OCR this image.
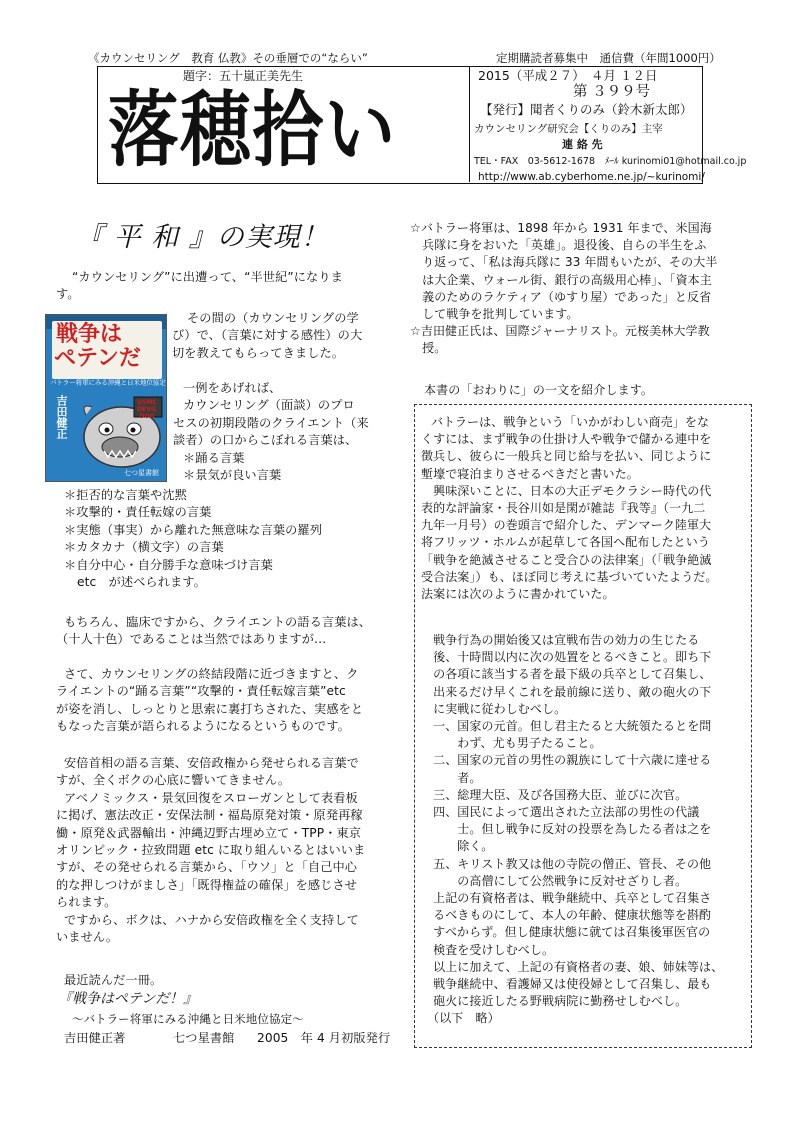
《カウンセリング　教育 仏教》その垂層での“ならい”	定期購読者募集中　通信費（年間1000円）
題字：五十嵐正美先生
落穂拾い
2015（平成２７）　４月 １２日
第 ３９９号
【発行】聞者くりのみ（鈴木新太郎）
カウンセリング研究会【くりのみ】主宰
連 絡 先
TEL・FAX　03-5612-1678　ﾒｰﾙ kurinomi01@hotmail.co.jp
http://www.ab.cyberhome.ne.jp/~kurinomi/
『 平 和 』の実現！

“カウンセリング”に出遭って、“半世紀”になりま

す。

戦争は
ペテンだ
バトラー将軍にみる沖縄と日米地位協定
吉田健正	USMC DEVIL DOG
七つ星書館

その間の（カウンセリングの学

び）で、（言葉に対する感性）の大

切を教えてもらってきました。

一例をあげれば、

カウンセリング（面談）のプロ

セスの初期段階のクライエント（来

談者）の口からこぼれる言葉は、

＊踊る言葉

＊景気が良い言葉

＊拒否的な言葉や沈黙

＊攻撃的・責任転嫁の言葉

＊実態（事実）から離れた無意味な言葉の羅列

＊カタカナ（横文字）の言葉

＊自分中心・自分勝手な意味づけ言葉

etc　が述べられます。

もちろん、臨床ですから、クライエントの語る言葉は、

（十人十色）であることは当然ではありますが…

さて、カウンセリングの終結段階に近づきますと、ク

ライエントの“踊る言葉”“攻撃的・責任転嫁言葉”etc

が姿を消し、しっとりと思索に裏打ちされた、実感をと

もなった言葉が語られるようになるというものです。

安倍首相の語る言葉、安倍政権から発せられる言葉で

すが、全くボクの心底に響いてきません。

アベノミックス・景気回復をスローガンとして表看板

に掲げ、憲法改正・安保法制・福島原発対策・原発再稼

働・原発＆武器輸出・沖縄辺野古埋め立て・TPP・東京

オリンピック・拉致問題 etc に取り組んいるとはいいま

すが、その発せられる言葉から、「ウソ」と「自己中心

的な押しつけがましさ」「既得権益の確保」を感じさせ

られます。

ですから、ボクは、ハナから安倍政権を全く支持して

いません。

最近読んだ一冊。
『戦争はペテンだ！』
～バトラー将軍にみる沖縄と日米地位協定～
吉田健正著	七つ星書館 2005　年 4 月初版発行

☆バトラー将軍は、1898 年から 1931 年まで、米国海

　兵隊に身をおいた「英雄」。退役後、自らの半生をふ

　り返って、「私は海兵隊に 33 年間もいたが、その大半

　は大企業、ウォール街、銀行の高級用心棒」、「資本主

　義のためのラケティア（ゆすり屋）であった」と反省

　して戦争を批判しています。

☆吉田健正氏は、国際ジャーナリスト。元桜美林大学教

　授。

本書の「おわりに」の一文を紹介します。

バトラーは、戦争という「いかがわしい商売」をな

くすには、まず戦争の仕掛け人や戦争で儲かる連中を

徴兵し、彼らに一般兵と同じ給与を払い、同じように

塹壕で寝泊まりさせるべきだと書いた。

　興味深いことに、日本の大正デモクラシー時代の代

表的な評論家・長谷川如是閑が雑誌『我等』（一九二

九年一月号）の巻頭言で紹介した、デンマーク陸軍大

将フリッツ・ホルムが起草して各国へ配布したという

「戦争を絶滅させること受合ひの法律案」（「戦争絶滅

受合法案」）も、ほぼ同じ考えに基づいていたようだ。

法案には次のように書かれていた。

　戦争行為の開始後又は宣戦布告の効力の生じたる

　後、十時間以内に次の処置をとるべきこと。即ち下

　の各項に該当する者を最下級の兵卒として召集し、

　出来るだけ早くこれを最前線に送り、敵の砲火の下

　に実戦に従わしむべし。

　一、国家の元首。但し君主たると大統領たるとを問

　　　わず、尤も男子たること。

　二、国家の元首の男性の親族にして十六歳に達せる

　　　者。

　三、総理大臣、及び各国務大臣、並びに次官。

　四、国民によって選出された立法部の男性の代議

　　　士。但し戦争に反対の投票を為したる者は之を

　　　除く。

　五、キリスト教又は他の寺院の僧正、管長、その他

　　　の高僧にして公然戦争に反対せざりし者。

　上記の有資格者は、戦争継続中、兵卒として召集さ

　るべきものにして、本人の年齢、健康状態等を斟酌

　すべからず。但し健康状態に就ては召集後軍医官の

　検査を受けしむべし。

　以上に加えて、上記の有資格者の妻、娘、姉妹等は、

　戦争継続中、看護婦又は使役婦として召集し、最も

　砲火に接近したる野戦病院に勤務せしむべし。

　（以下　略）
